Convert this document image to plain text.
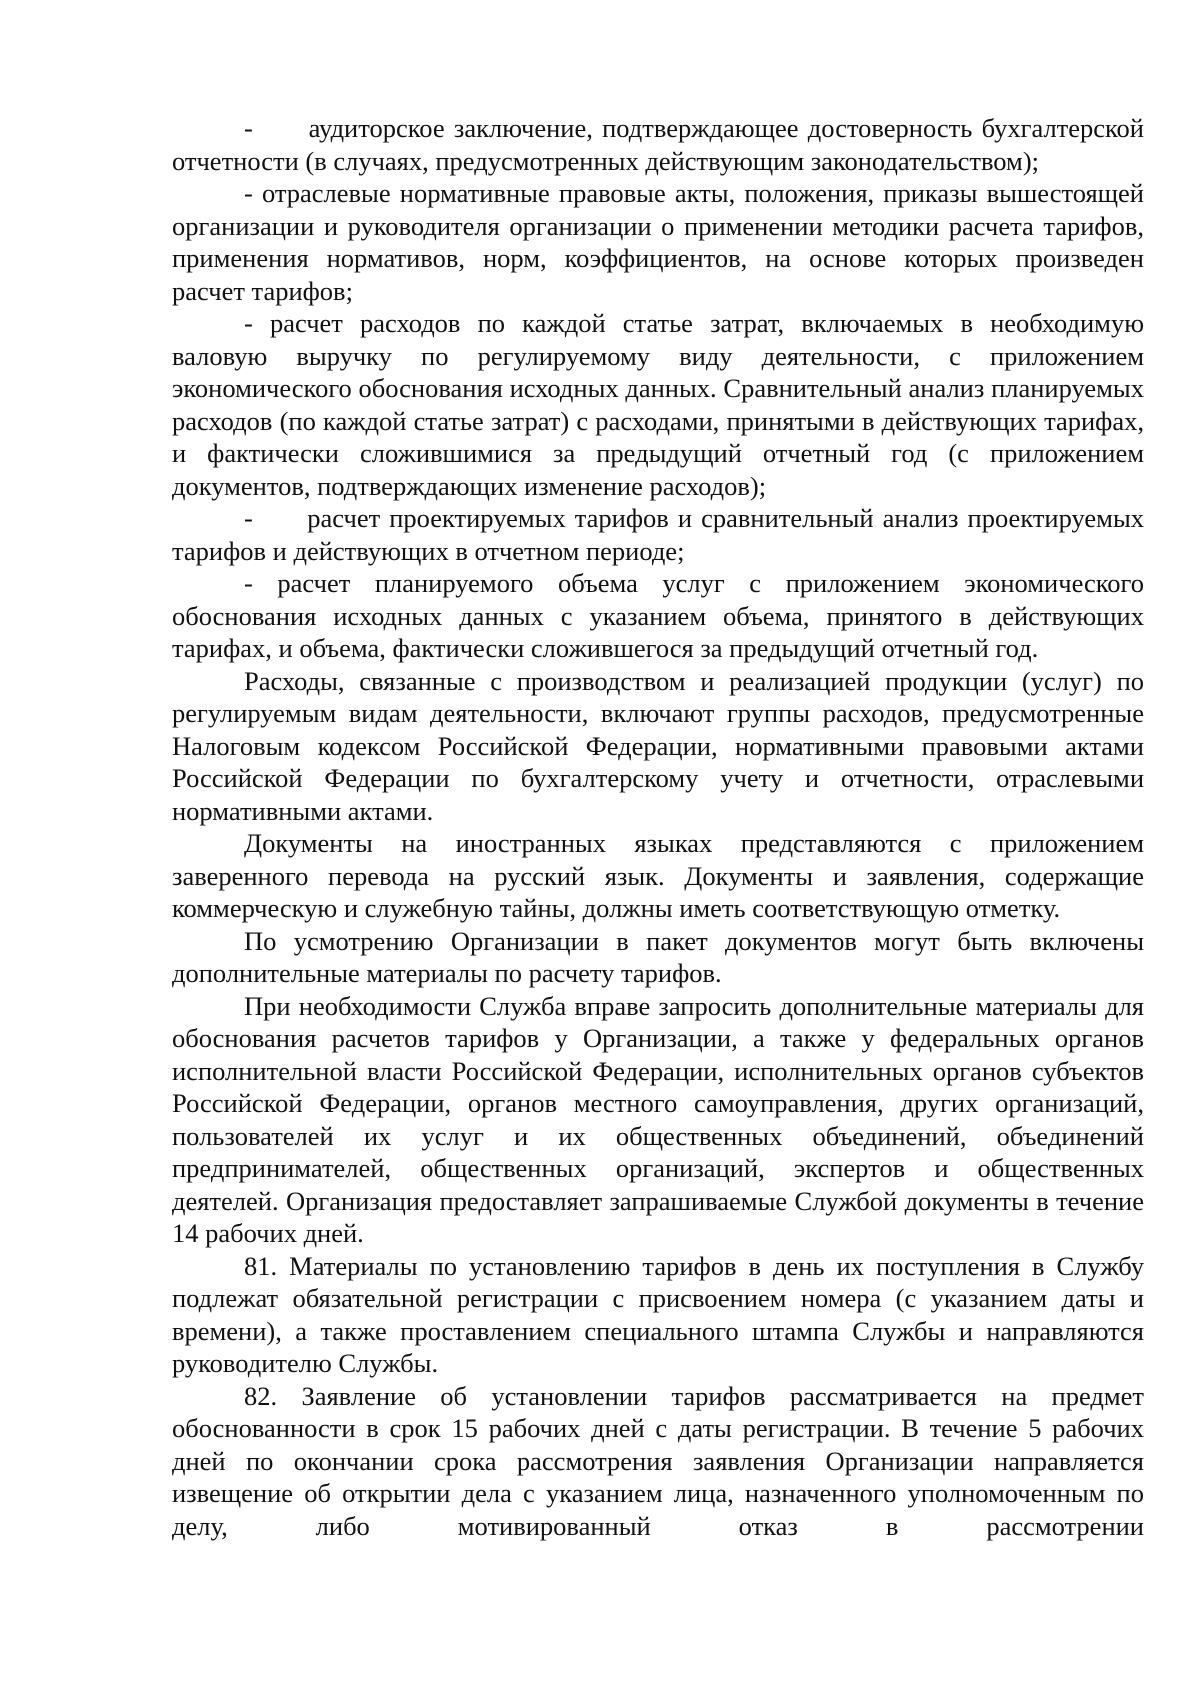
-      аудиторское заключение, подтверждающее достоверность бухгалтерской отчетности (в случаях, предусмотренных действующим законодательством);

- отраслевые нормативные правовые акты, положения, приказы вышестоящей организации и руководителя организации о применении методики расчета тарифов, применения нормативов, норм, коэффициентов, на основе которых произведен расчет тарифов;

- расчет расходов по каждой статье затрат, включаемых в необходимую валовую выручку по регулируемому виду деятельности, с приложением экономического обоснования исходных данных. Сравнительный анализ планируемых расходов (по каждой статье затрат) с расходами, принятыми в действующих тарифах, и фактически сложившимися за предыдущий отчетный год (с приложением документов, подтверждающих изменение расходов);

-      расчет проектируемых тарифов и сравнительный анализ проектируемых тарифов и действующих в отчетном периоде;

- расчет планируемого объема услуг с приложением экономического обоснования исходных данных с указанием объема, принятого в действующих тарифах, и объема, фактически сложившегося за предыдущий отчетный год.

Расходы, связанные с производством и реализацией продукции (услуг) по регулируемым видам деятельности, включают группы расходов, предусмотренные Налоговым кодексом Российской Федерации, нормативными правовыми актами Российской Федерации по бухгалтерскому учету и отчетности, отраслевыми нормативными актами.

Документы на иностранных языках представляются с приложением заверенного перевода на русский язык. Документы и заявления, содержащие коммерческую и служебную тайны, должны иметь соответствующую отметку.

По усмотрению Организации в пакет документов могут быть включены дополнительные материалы по расчету тарифов.

При необходимости Служба вправе запросить дополнительные материалы для обоснования расчетов тарифов у Организации, а также у федеральных органов исполнительной власти Российской Федерации, исполнительных органов субъектов Российской Федерации, органов местного самоуправления, других организаций, пользователей их услуг и их общественных объединений, объединений предпринимателей, общественных организаций, экспертов и общественных деятелей. Организация предоставляет запрашиваемые Службой документы в течение 14 рабочих дней.

81. Материалы по установлению тарифов в день их поступления в Службу подлежат обязательной регистрации с присвоением номера (с указанием даты и времени), а также проставлением специального штампа Службы и направляются руководителю Службы.

82. Заявление об установлении тарифов рассматривается на предмет обоснованности в срок 15 рабочих дней с даты регистрации. В течение 5 рабочих дней по окончании срока рассмотрения заявления Организации направляется извещение об открытии дела с указанием лица, назначенного уполномоченным по делу, либо мотивированный отказ в рассмотрении
